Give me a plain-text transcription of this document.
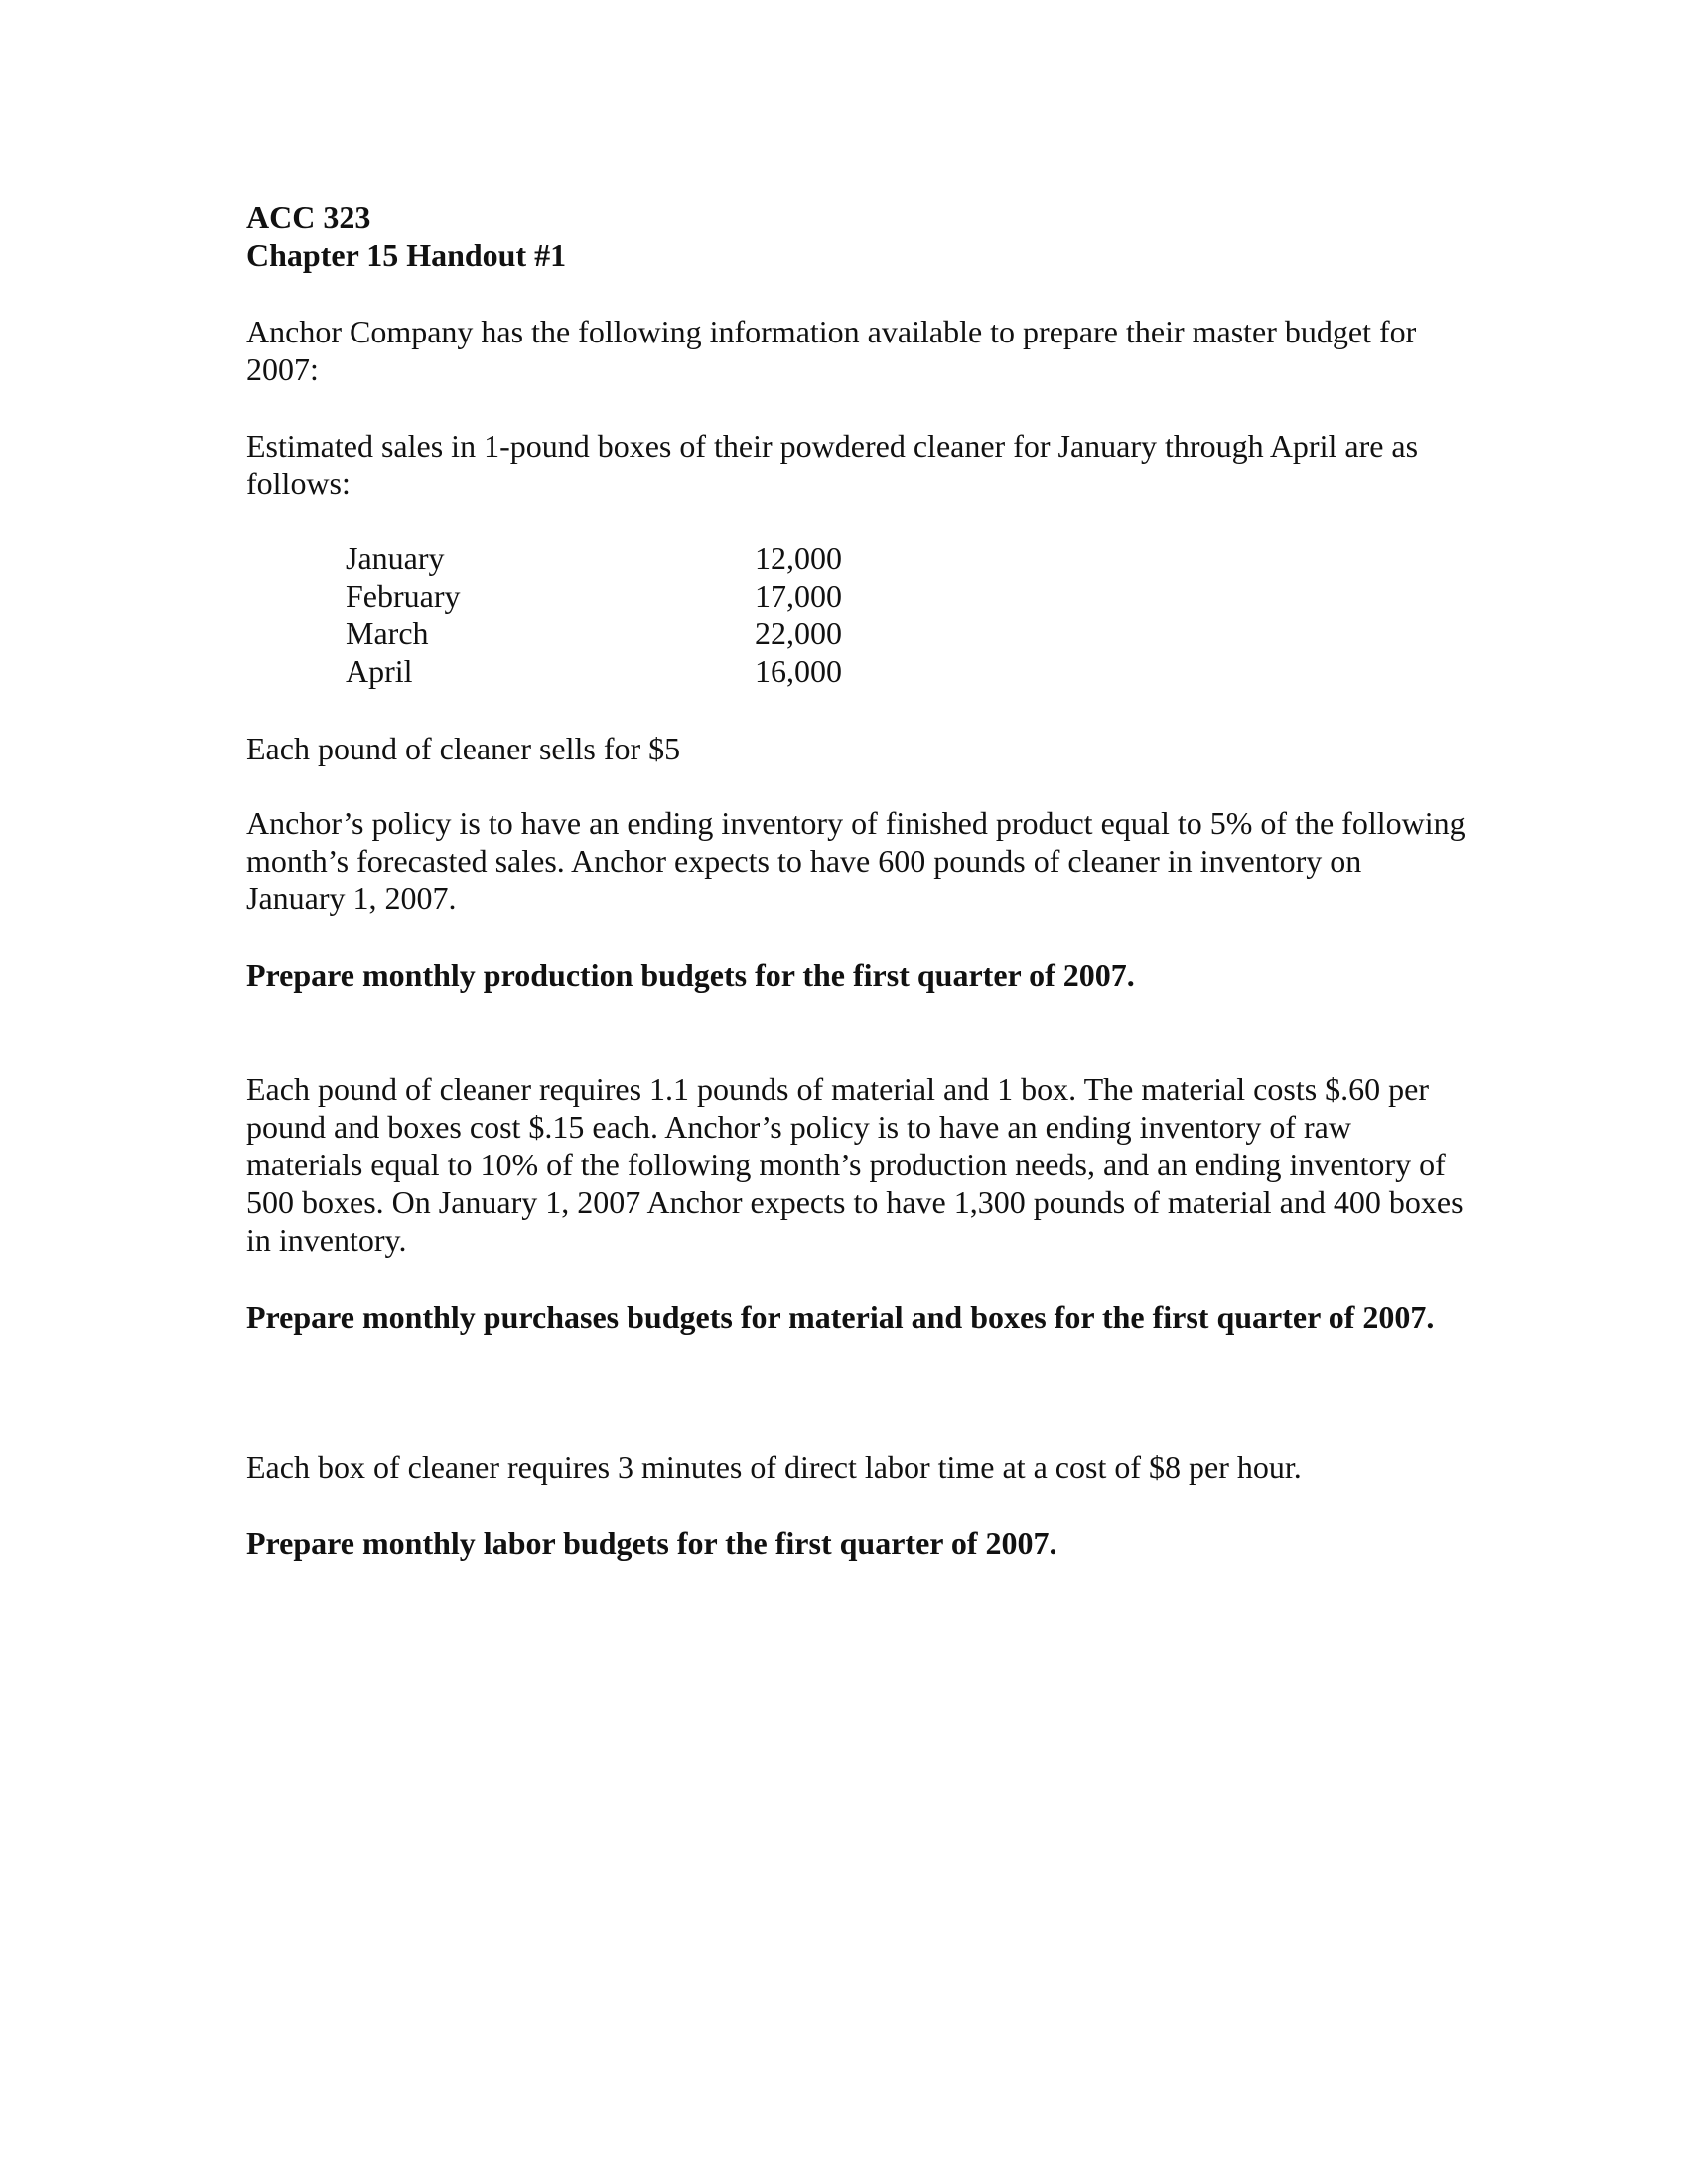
ACC 323

Chapter 15 Handout #1

Anchor Company has the following information available to prepare their master budget for 2007:

Estimated sales in 1-pound boxes of their powdered cleaner for January through April are as follows:

January	12,000
February	17,000
March	22,000
April	16,000

Each pound of cleaner sells for $5

Anchor’s policy is to have an ending inventory of finished product equal to 5% of the following month’s forecasted sales. Anchor expects to have 600 pounds of cleaner in inventory on January 1, 2007.

Prepare monthly production budgets for the first quarter of 2007.

Each pound of cleaner requires 1.1 pounds of material and 1 box. The material costs $.60 per pound and boxes cost $.15 each. Anchor’s policy is to have an ending inventory of raw materials equal to 10% of the following month’s production needs, and an ending inventory of 500 boxes. On January 1, 2007 Anchor expects to have 1,300 pounds of material and 400 boxes in inventory.

Prepare monthly purchases budgets for material and boxes for the first quarter of 2007.

Each box of cleaner requires 3 minutes of direct labor time at a cost of $8 per hour.

Prepare monthly labor budgets for the first quarter of 2007.
